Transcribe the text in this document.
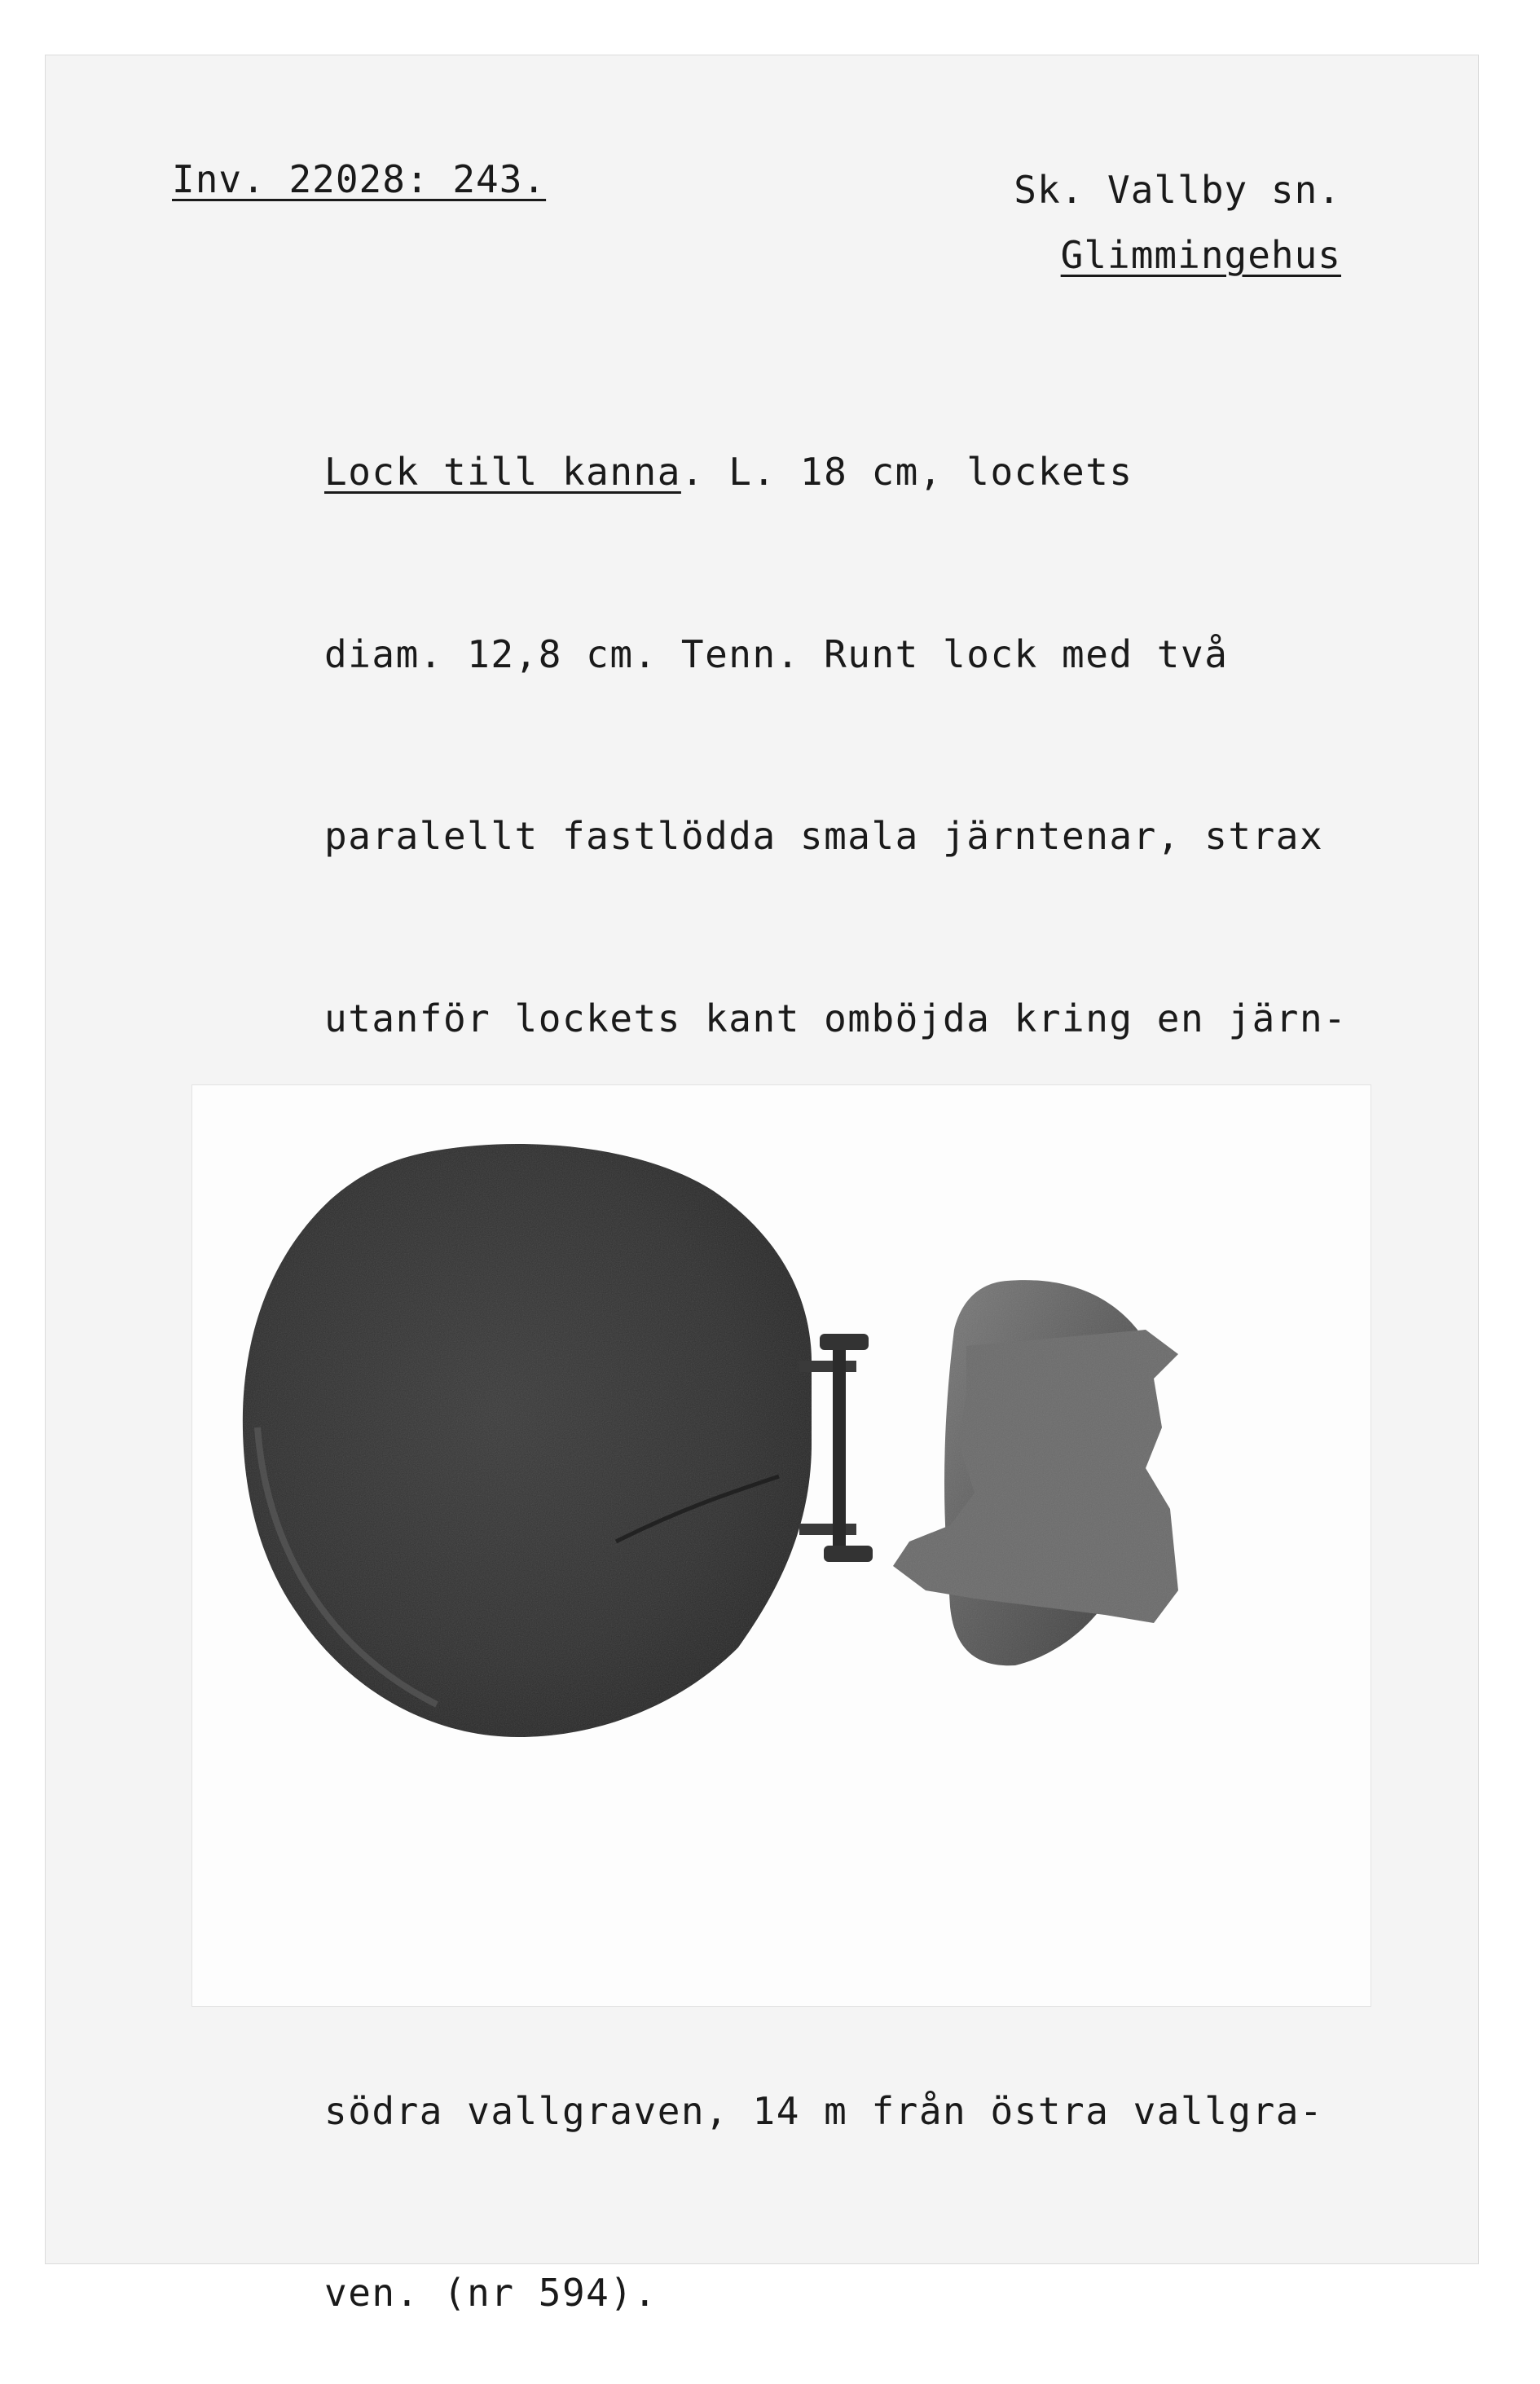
Inv. 22028: 243.	Sk. Vallby sn.
Glimmingehus

Lock till kanna. L. 18 cm, lockets

diam. 12,8 cm. Tenn. Runt lock med två

paralellt fastlödda smala järntenar, strax

utanför lockets kant omböjda kring en järn-

södra vallgraven, 14 m från östra vallgra-

ven. (nr 594).
